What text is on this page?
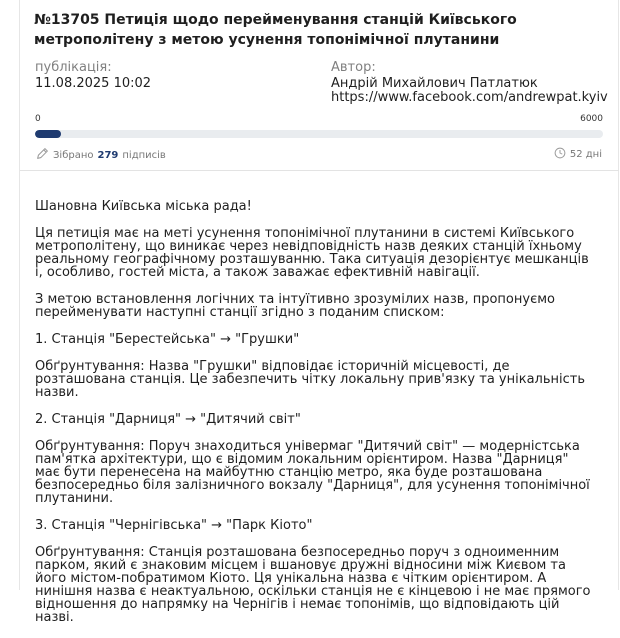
№13705 Петиція щодо перейменування станцій Київського метрополітену з метою усунення топонімічної плутанини
публікація:
11.08.2025 10:02
Автор:
Андрій Михайлович Патлатюк
https://www.facebook.com/andrewpat.kyiv
0	6000
Зібрано 279 підписів	52 дні

Шановна Київська міська рада!

Ця петиція має на меті усунення топонімічної плутанини в системі Київського метрополітену, що виникає через невідповідність назв деяких станцій їхньому реальному географічному розташуванню. Така ситуація дезорієнтує мешканців і, особливо, гостей міста, а також заважає ефективній навігації.

З метою встановлення логічних та інтуїтивно зрозумілих назв, пропонуємо перейменувати наступні станції згідно з поданим списком:

1. Станція "Берестейська" → "Грушки"

Обґрунтування: Назва "Грушки" відповідає історичній місцевості, де розташована станція. Це забезпечить чітку локальну прив'язку та унікальність назви.

2. Станція "Дарниця" → "Дитячий світ"

Обґрунтування: Поруч знаходиться універмаг "Дитячий світ" — модерністська пам'ятка архітектури, що є відомим локальним орієнтиром. Назва "Дарниця" має бути перенесена на майбутню станцію метро, яка буде розташована безпосередньо біля залізничного вокзалу "Дарниця", для усунення топонімічної плутанини.

3. Станція "Чернігівська" → "Парк Кіото"

Обґрунтування: Станція розташована безпосередньо поруч з одноименним парком, який є знаковим місцем і вшановує дружні відносини між Києвом та його містом-побратимом Кіото. Ця унікальна назва є чітким орієнтиром. А нинішня назва є неактуальною, оскільки станція не є кінцевою і не має прямого відношення до напрямку на Чернігів і немає топонімів, що відповідають цій назві.
